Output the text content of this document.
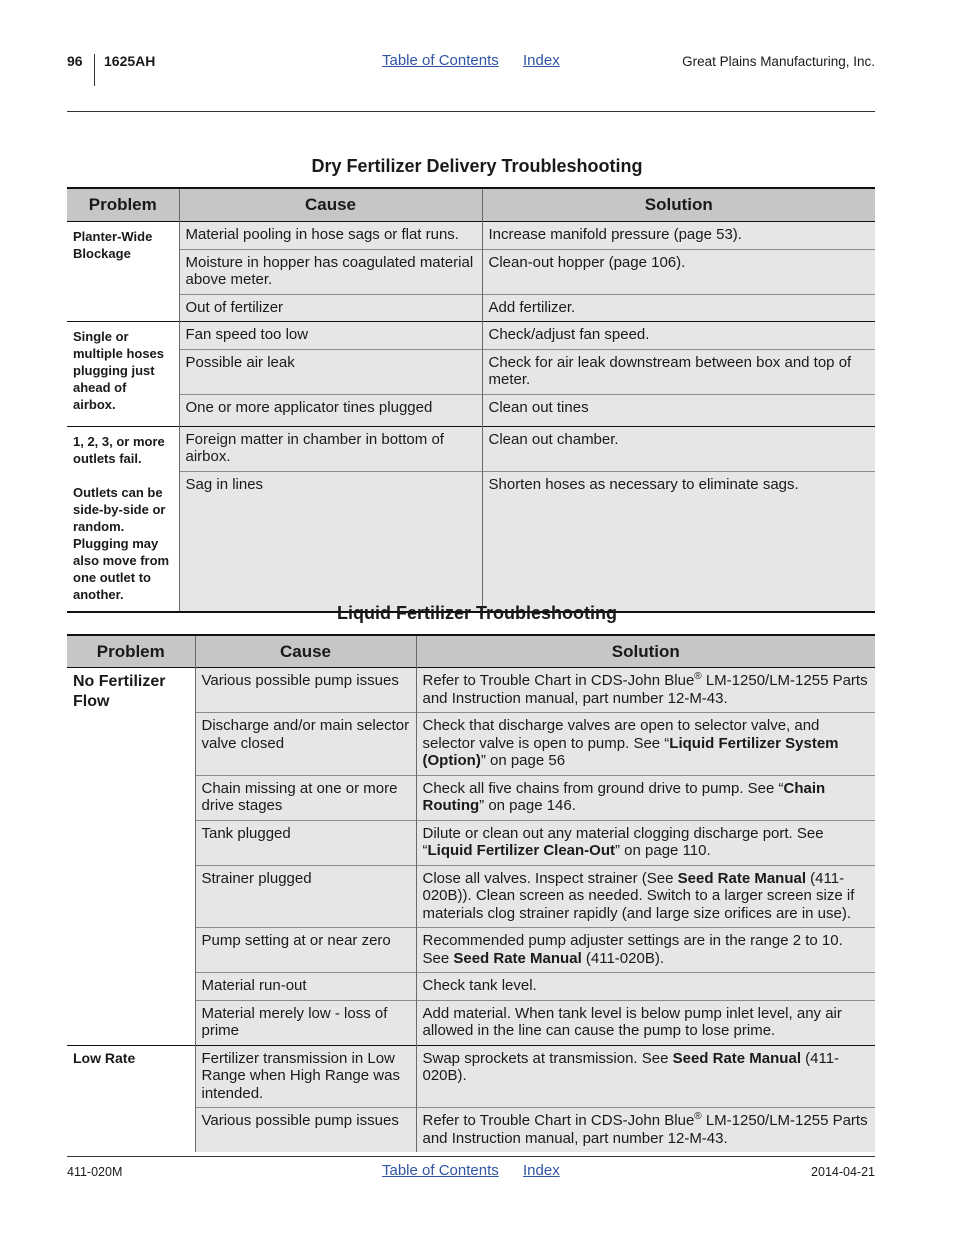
96 1625AH	Table of Contents Index	Great Plains Manufacturing, Inc.
Dry Fertilizer Delivery Troubleshooting
Problem	Cause	Solution
Planter-Wide Blockage	Material pooling in hose sags or flat runs.	Increase manifold pressure (page 53).
	Moisture in hopper has coagulated material above meter.	Clean-out hopper (page 106).
	Out of fertilizer	Add fertilizer.
Single or multiple hoses plugging just ahead of airbox.	Fan speed too low	Check/adjust fan speed.
	Possible air leak	Check for air leak downstream between box and top of meter.
	One or more applicator tines plugged	Clean out tines

1, 2, 3, or more outlets fail.
Outlets can be side-by-side or random. Plugging may also move from one outlet to another.	Foreign matter in chamber in bottom of airbox.	Clean out chamber.
	Sag in lines	Shorten hoses as necessary to eliminate sags.
Liquid Fertilizer Troubleshooting
Problem	Cause	Solution
No Fertilizer Flow	Various possible pump issues	Refer to Trouble Chart in CDS-John Blue® LM-1250/LM-1255 Parts and Instruction manual, part number 12-M-43.
	Discharge and/or main selector valve closed	Check that discharge valves are open to selector valve, and selector valve is open to pump. See “Liquid Fertilizer System (Option)” on page 56
	Chain missing at one or more drive stages	Check all five chains from ground drive to pump. See “Chain Routing” on page 146.
	Tank plugged	Dilute or clean out any material clogging discharge port. See “Liquid Fertilizer Clean-Out” on page 110.
	Strainer plugged	Close all valves. Inspect strainer (See Seed Rate Manual (411-020B)). Clean screen as needed. Switch to a larger screen size if materials clog strainer rapidly (and large size orifices are in use).
	Pump setting at or near zero	Recommended pump adjuster settings are in the range 2 to 10. See Seed Rate Manual (411-020B).
	Material run-out	Check tank level.
	Material merely low - loss of prime	Add material. When tank level is below pump inlet level, any air allowed in the line can cause the pump to lose prime.
Low Rate	Fertilizer transmission in Low Range when High Range was intended.	Swap sprockets at transmission. See Seed Rate Manual (411-020B).
	Various possible pump issues	Refer to Trouble Chart in CDS-John Blue® LM-1250/LM-1255 Parts and Instruction manual, part number 12-M-43.
411-020M	Table of Contents Index	2014-04-21
